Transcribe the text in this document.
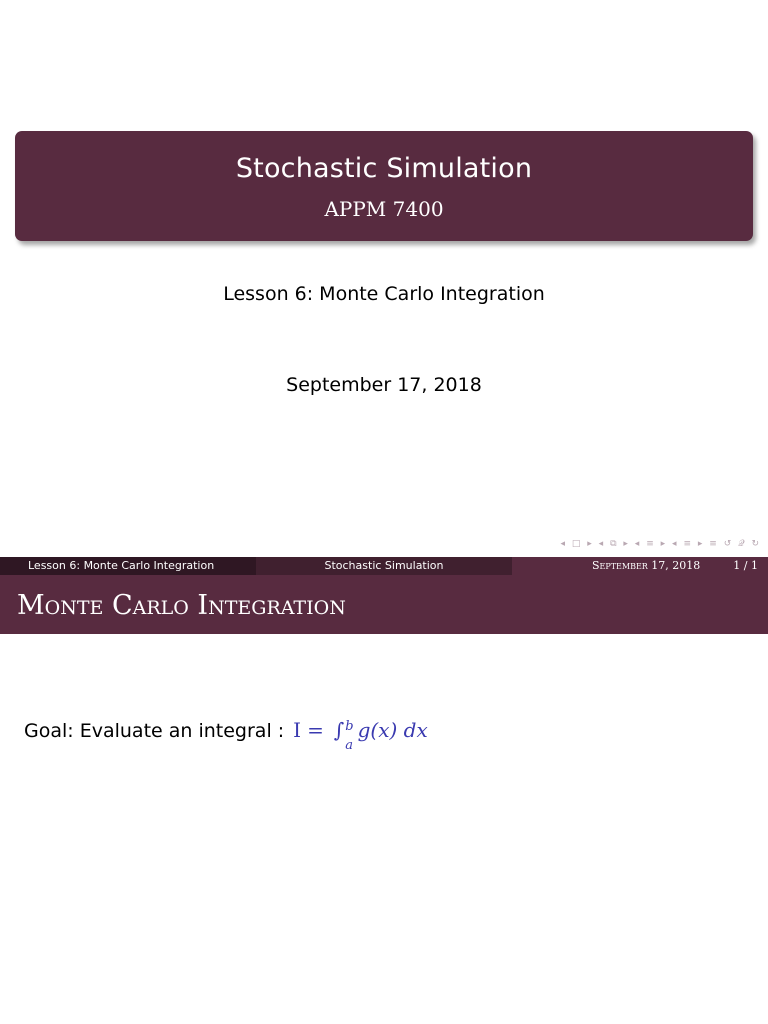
Stochastic Simulation
APPM 7400
Lesson 6: Monte Carlo Integration
September 17, 2018
◂ □ ▸ ◂ ⧉ ▸ ◂ ≡ ▸ ◂ ≡ ▸ ≡ ↺ 𝒬 ↻
Lesson 6: Monte Carlo Integration	Stochastic Simulation	September 17, 2018	1 / 1
Monte Carlo Integration
Goal: Evaluate an integral : I = ∫ b
a
g(x) dx
